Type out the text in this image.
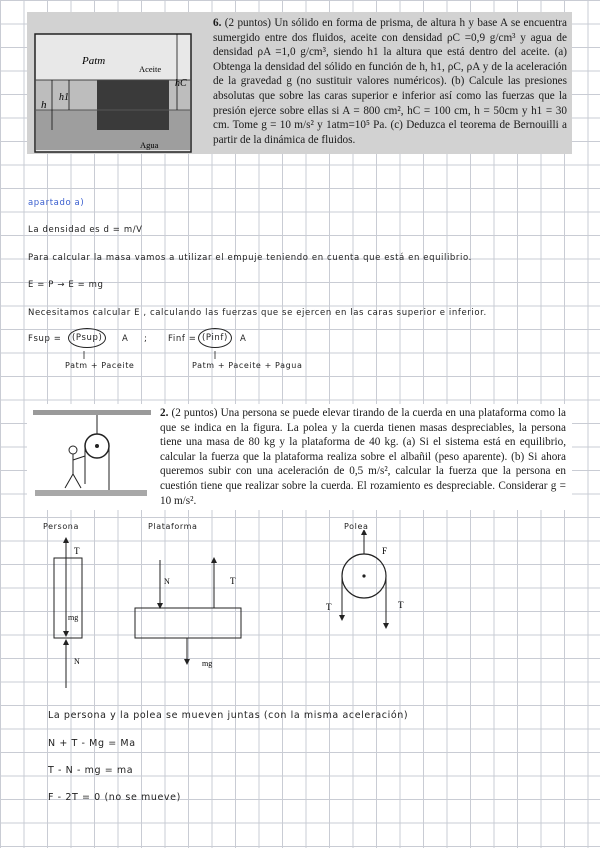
Patm
Aceite
Agua
h
h1
hC
6. (2 puntos) Un sólido en forma de prisma, de altura h y base A se encuentra sumergido entre dos fluidos, aceite con densidad ρC =0,9 g/cm³ y agua de densidad ρA =1,0 g/cm³, siendo h1 la altura que está dentro del aceite. (a) Obtenga la densidad del sólido en función de h, h1, ρC, ρA y de la aceleración de la gravedad g (no sustituir valores numéricos). (b) Calcule las presiones absolutas que sobre las caras superior e inferior así como las fuerzas que la presión ejerce sobre ellas si A = 800 cm², hC = 100 cm, h = 50cm y h1 = 30 cm. Tome g = 10 m/s² y 1atm=10⁵ Pa. (c) Deduzca el teorema de Bernouilli a partir de la dinámica de fluidos.
apartado a)
La densidad es d = m/V
Para calcular la masa vamos a utilizar el empuje teniendo en cuenta que está en equilibrio.
E = P → E = mg
Necesitamos calcular E , calculando las fuerzas que se ejercen en las caras superior e inferior.
Fsup =	(Psup)	A ; Finf = (Pinf)	A
Patm + Paceite	Patm + Paceite + Pagua
2. (2 puntos) Una persona se puede elevar tirando de la cuerda en una plataforma como la que se indica en la figura. La polea y la cuerda tienen masas despreciables, la persona tiene una masa de 80 kg y la plataforma de 40 kg. (a) Si el sistema está en equilibrio, calcular la fuerza que la plataforma realiza sobre el albañil (peso aparente). (b) Si ahora queremos subir con una aceleración de 0,5 m/s², calcular la fuerza que la persona en cuestión tiene que realizar sobre la cuerda. El rozamiento es despreciable. Considerar g = 10 m/s².
Persona	Plataforma	Polea
T
mg
N
N	T
mg
F
T	T
La persona y la polea se mueven juntas (con la misma aceleración)
N + T - Mg = Ma
T - N - mg = ma
F - 2T = 0 (no se mueve)
